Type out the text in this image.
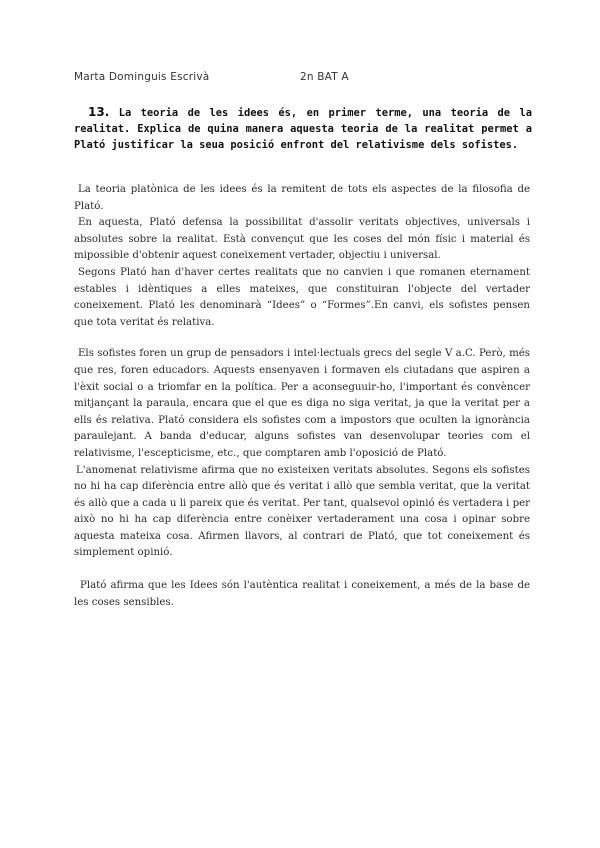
Marta Dominguis Escrivà	2n BAT A
13. La teoria de les idees és, en primer terme, una teoria de la realitat. Explica de quina manera aquesta teoria de la realitat permet a Plató justificar la seua posició enfront del relativisme dels sofistes.

La teoria platònica de les idees és la remitent de tots els aspectes de la filosofia de Plató.

En aquesta, Plató defensa la possibilitat d'assolir veritats objectives, universals i absolutes sobre la realitat. Està convençut que les coses del món físic i material és mipossible d'obtenir aquest coneixement vertader, objectiu i universal.

Segons Plató han d'haver certes realitats que no canvien i que romanen eternament estables i idèntiques a elles mateixes, que constituiran l'objecte del vertader coneixement. Plató les denominarà “Idees” o “Formes”.En canvi, els sofistes pensen que tota veritat és relativa.

Els sofistes foren un grup de pensadors i intel·lectuals grecs del segle V a.C. Però, més que res, foren educadors. Aquests ensenyaven i formaven els ciutadans que aspiren a l'èxit social o a triomfar en la política. Per a aconseguuir-ho, l'important és convèncer mitjançant la paraula, encara que el que es diga no siga veritat, ja que la veritat per a ells és relativa. Plató considera els sofistes com a impostors que oculten la ignorància paraulejant. A banda d'educar, alguns sofistes van desenvolupar teories com el relativisme, l'escepticisme, etc., que comptaren amb l'oposició de Plató.

L'anomenat relativisme afirma que no existeixen veritats absolutes. Segons els sofistes no hi ha cap diferència entre allò que és veritat i allò que sembla veritat, que la veritat és allò que a cada u li pareix que és veritat. Per tant, qualsevol opinió és vertadera i per això no hi ha cap diferència entre conèixer vertaderament una cosa i opinar sobre aquesta mateixa cosa. Afirmen llavors, al contrari de Plató, que tot coneixement és simplement opinió.

Plató afirma que les Idees són l'autèntica realitat i coneixement, a més de la base de les coses sensibles.
